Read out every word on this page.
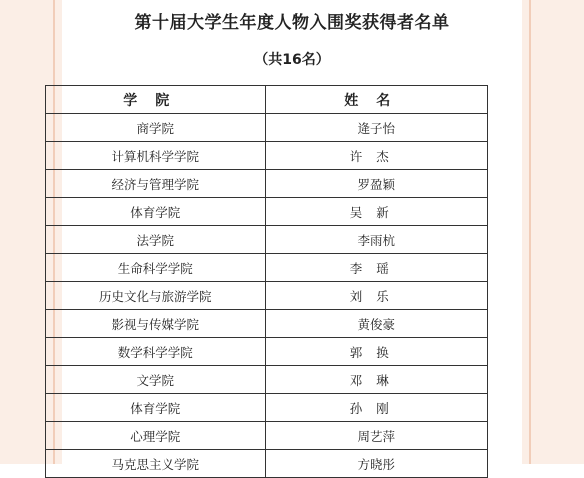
第十届大学生年度人物入围奖获得者名单
（共16名）
学院	姓名
商学院	逄子怡
计算机科学学院	许杰
经济与管理学院	罗盈颖
体育学院	吴新
法学院	李雨杭
生命科学学院	李瑶
历史文化与旅游学院	刘乐
影视与传媒学院	黄俊豪
数学科学学院	郭换
文学院	邓琳
体育学院	孙刚
心理学院	周艺萍
马克思主义学院	方晓彤
